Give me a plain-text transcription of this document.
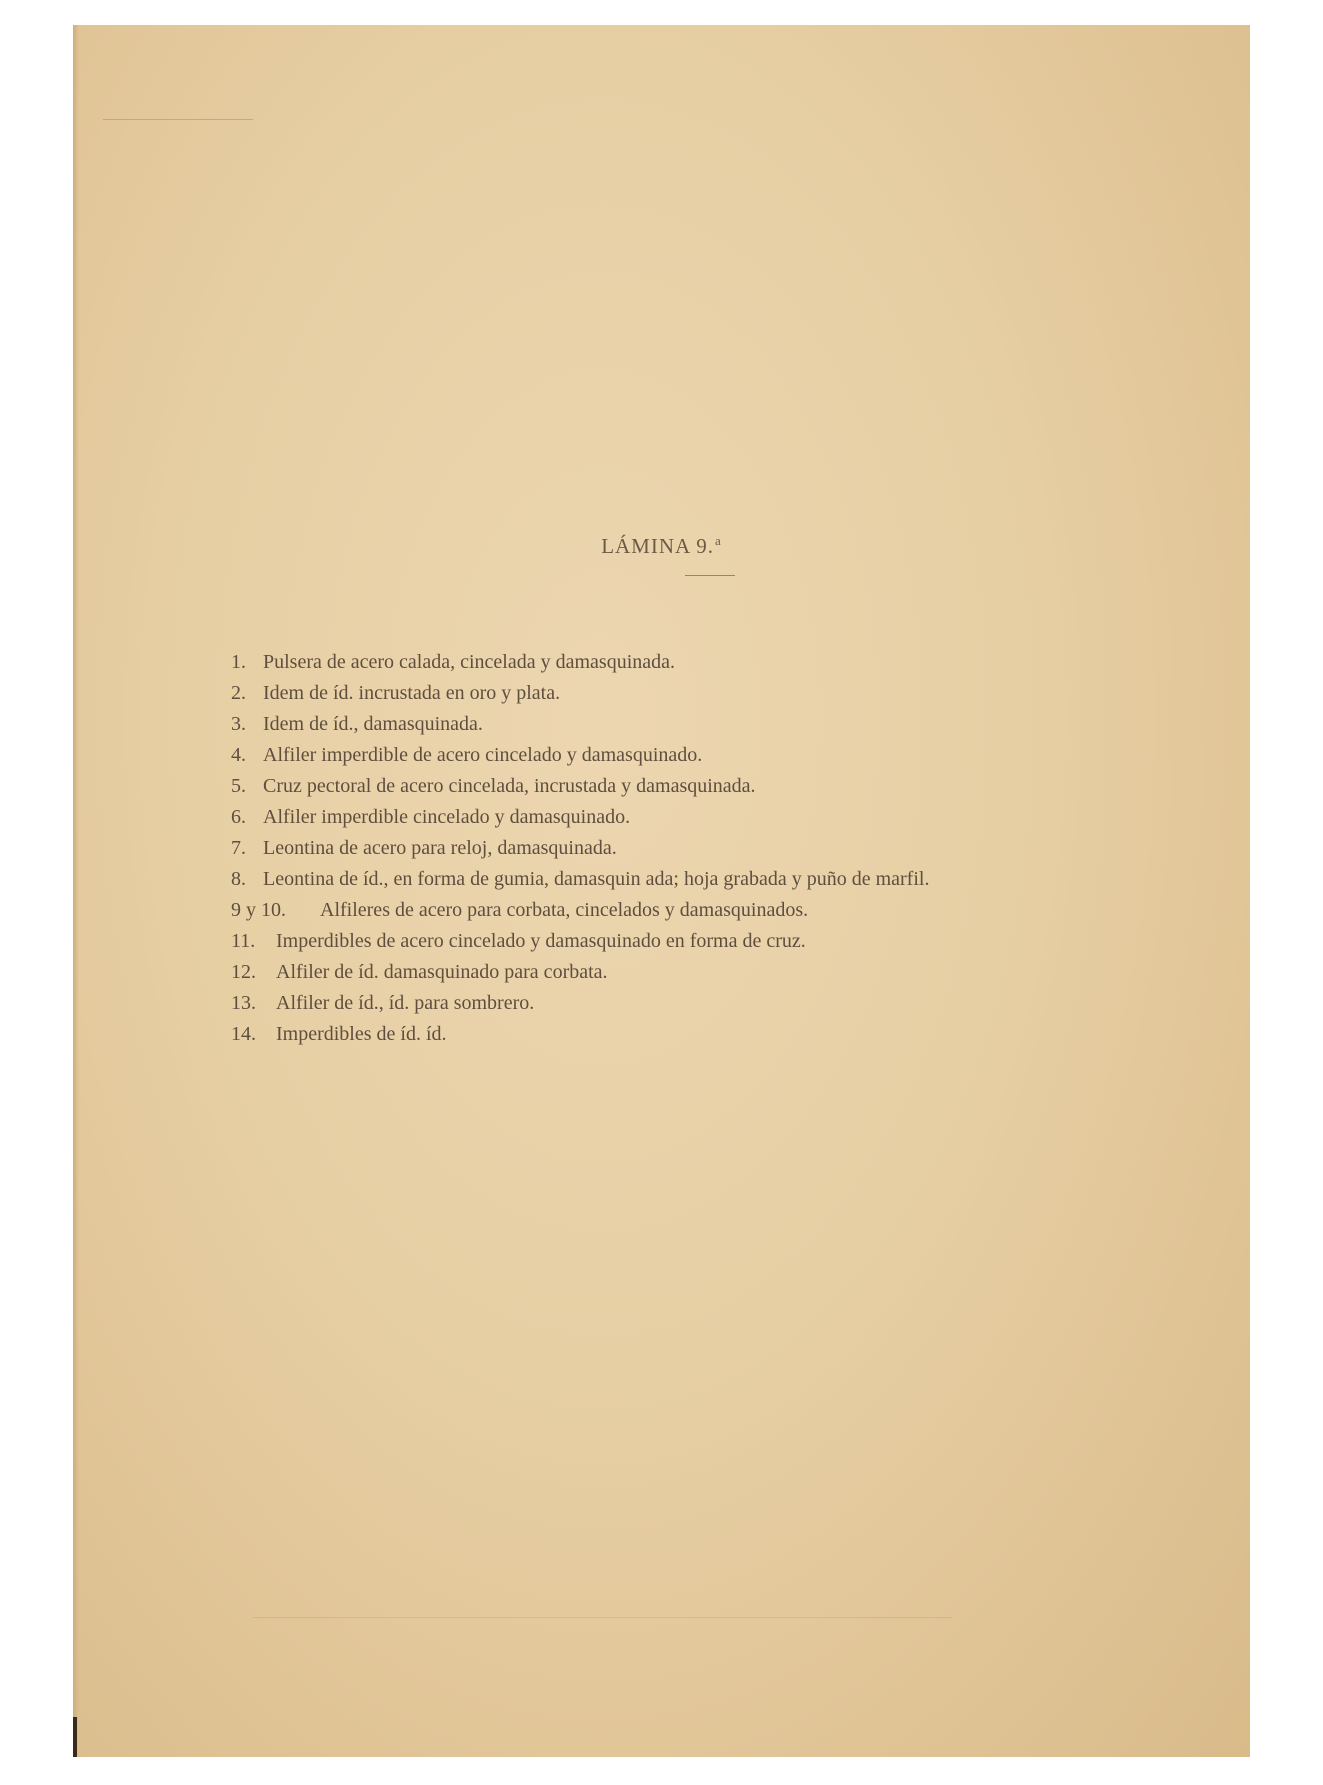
LÁMINA 9.$^a$
1. Pulsera de acero calada, cincelada y damasquinada.
2. Idem de íd. incrustada en oro y plata.
3. Idem de íd., damasquinada.
4. Alfiler imperdible de acero cincelado y damasquinado.
5. Cruz pectoral de acero cincelada, incrustada y damasquinada.
6. Alfiler imperdible cincelado y damasquinado.
7. Leontina de acero para reloj, damasquinada.
8. Leontina de íd., en forma de gumia, damasquin ada; hoja grabada y puño de marfil.
9 y 10. Alfileres de acero para corbata, cincelados y damasquinados.
11. Imperdibles de acero cincelado y damasquinado en forma de cruz.
12. Alfiler de íd. damasquinado para corbata.
13. Alfiler de íd., íd. para sombrero.
14. Imperdibles de íd. íd.
